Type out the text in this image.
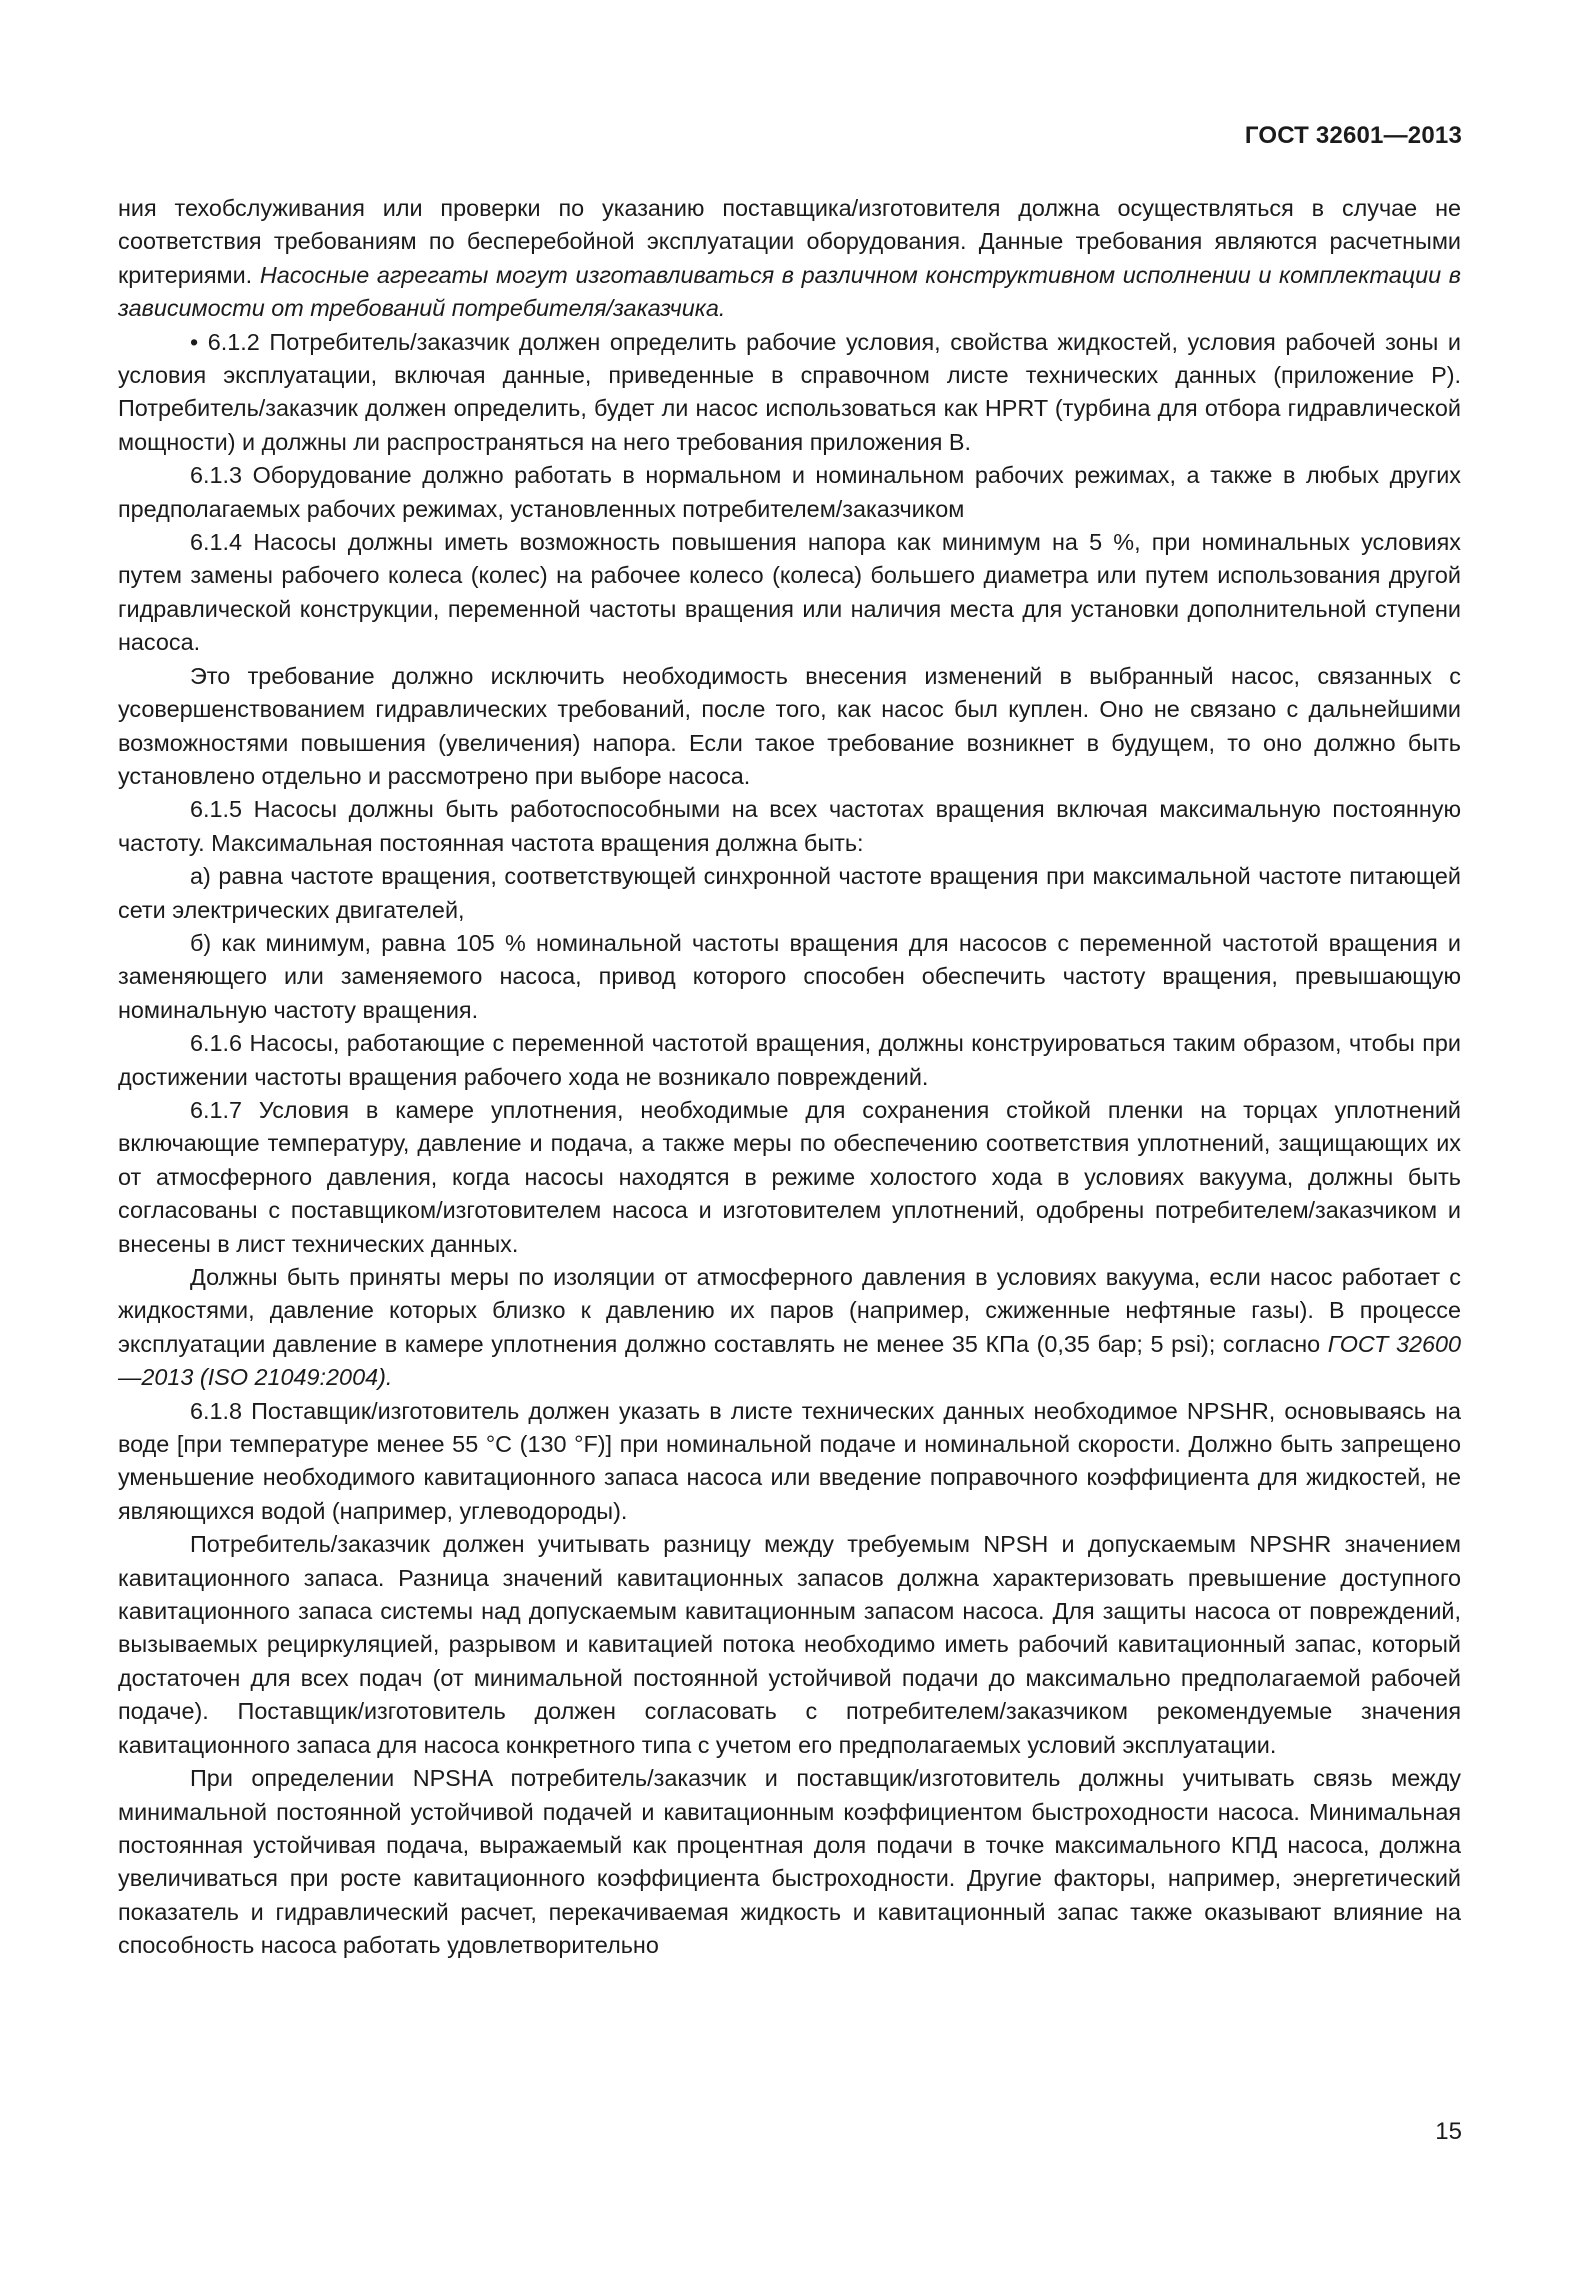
ГОСТ 32601—2013

ния техобслуживания или проверки по указанию поставщика/изготовителя должна осуществляться в случае не соответствия требованиям по бесперебойной эксплуатации оборудования. Данные требования являются расчетными критериями. Насосные агрегаты могут изготавливаться в различном конструктивном исполнении и комплектации в зависимости от требований потребителя/заказчика.

• 6.1.2 Потребитель/заказчик должен определить рабочие условия, свойства жидкостей, условия рабочей зоны и условия эксплуатации, включая данные, приведенные в справочном листе технических данных (приложение Р). Потребитель/заказчик должен определить, будет ли насос использоваться как HPRT (турбина для отбора гидравлической мощности) и должны ли распространяться на него требования приложения В.

6.1.3 Оборудование должно работать в нормальном и номинальном рабочих режимах, а также в любых других предполагаемых рабочих режимах, установленных потребителем/заказчиком

6.1.4 Насосы должны иметь возможность повышения напора как минимум на 5 %, при номинальных условиях путем замены рабочего колеса (колес) на рабочее колесо (колеса) большего диаметра или путем использования другой гидравлической конструкции, переменной частоты вращения или наличия места для установки дополнительной ступени насоса.

Это требование должно исключить необходимость внесения изменений в выбранный насос, связанных с усовершенствованием гидравлических требований, после того, как насос был куплен. Оно не связано с дальнейшими возможностями повышения (увеличения) напора. Если такое требование возникнет в будущем, то оно должно быть установлено отдельно и рассмотрено при выборе насоса.

6.1.5 Насосы должны быть работоспособными на всех частотах вращения включая максимальную постоянную частоту. Максимальная постоянная частота вращения должна быть:

а) равна частоте вращения, соответствующей синхронной частоте вращения при максимальной частоте питающей сети электрических двигателей,

б) как минимум, равна 105 % номинальной частоты вращения для насосов с переменной частотой вращения и заменяющего или заменяемого насоса, привод которого способен обеспечить частоту вращения, превышающую номинальную частоту вращения.

6.1.6 Насосы, работающие с переменной частотой вращения, должны конструироваться таким образом, чтобы при достижении частоты вращения рабочего хода не возникало повреждений.

6.1.7 Условия в камере уплотнения, необходимые для сохранения стойкой пленки на торцах уплотнений включающие температуру, давление и подача, а также меры по обеспечению соответствия уплотнений, защищающих их от атмосферного давления, когда насосы находятся в режиме холостого хода в условиях вакуума, должны быть согласованы с поставщиком/изготовителем насоса и изготовителем уплотнений, одобрены потребителем/заказчиком и внесены в лист технических данных.

Должны быть приняты меры по изоляции от атмосферного давления в условиях вакуума, если насос работает с жидкостями, давление которых близко к давлению их паров (например, сжиженные нефтяные газы). В процессе эксплуатации давление в камере уплотнения должно составлять не менее 35 КПа (0,35 бар; 5 psi); согласно ГОСТ 32600—2013 (ISO 21049:2004).

6.1.8 Поставщик/изготовитель должен указать в листе технических данных необходимое NPSHR, основываясь на воде [при температуре менее 55 °С (130 °F)] при номинальной подаче и номинальной скорости. Должно быть запрещено уменьшение необходимого кавитационного запаса насоса или введение поправочного коэффициента для жидкостей, не являющихся водой (например, углеводороды).

Потребитель/заказчик должен учитывать разницу между требуемым NPSH и допускаемым NPSHR значением кавитационного запаса. Разница значений кавитационных запасов должна характеризовать превышение доступного кавитационного запаса системы над допускаемым кавитационным запасом насоса. Для защиты насоса от повреждений, вызываемых рециркуляцией, разрывом и кавитацией потока необходимо иметь рабочий кавитационный запас, который достаточен для всех подач (от минимальной постоянной устойчивой подачи до максимально предполагаемой рабочей подаче). Поставщик/изготовитель должен согласовать с потребителем/заказчиком рекомендуемые значения кавитационного запаса для насоса конкретного типа с учетом его предполагаемых условий эксплуатации.

При определении NPSHA потребитель/заказчик и поставщик/изготовитель должны учитывать связь между минимальной постоянной устойчивой подачей и кавитационным коэффициентом быстроходности насоса. Минимальная постоянная устойчивая подача, выражаемый как процентная доля подачи в точке максимального КПД насоса, должна увеличиваться при росте кавитационного коэффициента быстроходности. Другие факторы, например, энергетический показатель и гидравлический расчет, перекачиваемая жидкость и кавитационный запас также оказывают влияние на способность насоса работать удовлетворительно

15
